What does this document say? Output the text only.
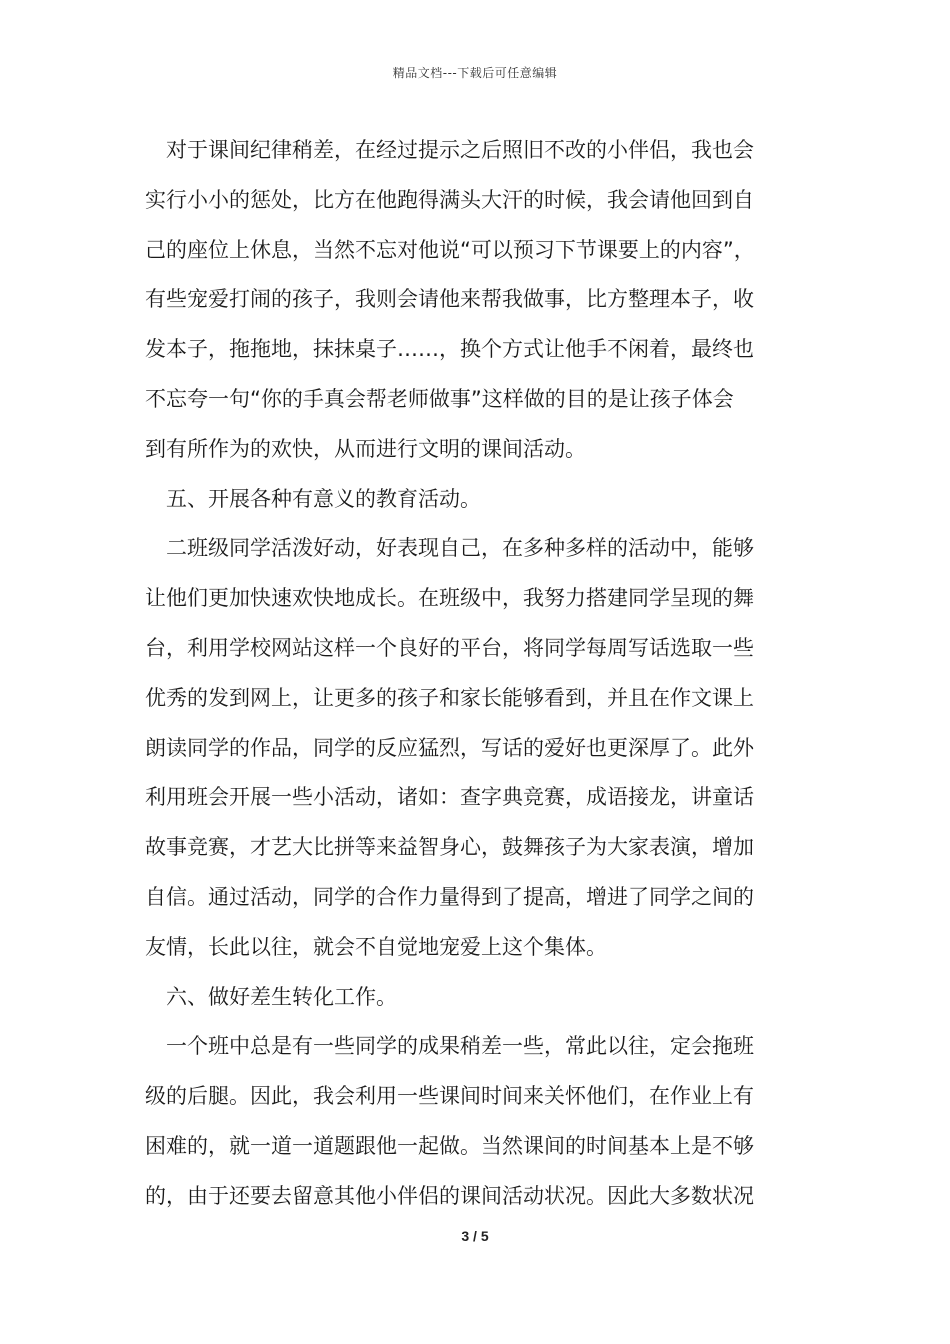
精品文档---下载后可任意编辑
对于课间纪律稍差，在经过提示之后照旧不改的小伴侣，我也会
实行小小的惩处，比方在他跑得满头大汗的时候，我会请他回到自
己的座位上休息，当然不忘对他说“可以预习下节课要上的内容”，
有些宠爱打闹的孩子，我则会请他来帮我做事，比方整理本子，收
发本子，拖拖地，抹抹桌子……，换个方式让他手不闲着，最终也
不忘夸一句“你的手真会帮老师做事”这样做的目的是让孩子体会
到有所作为的欢快，从而进行文明的课间活动。
五、开展各种有意义的教育活动。
二班级同学活泼好动，好表现自己，在多种多样的活动中，能够
让他们更加快速欢快地成长。在班级中，我努力搭建同学呈现的舞
台，利用学校网站这样一个良好的平台，将同学每周写话选取一些
优秀的发到网上，让更多的孩子和家长能够看到，并且在作文课上
朗读同学的作品，同学的反应猛烈，写话的爱好也更深厚了。此外
利用班会开展一些小活动，诸如：查字典竞赛，成语接龙，讲童话
故事竞赛，才艺大比拼等来益智身心，鼓舞孩子为大家表演，增加
自信。通过活动，同学的合作力量得到了提高，增进了同学之间的
友情，长此以往，就会不自觉地宠爱上这个集体。
六、做好差生转化工作。
一个班中总是有一些同学的成果稍差一些，常此以往，定会拖班
级的后腿。因此，我会利用一些课间时间来关怀他们，在作业上有
困难的，就一道一道题跟他一起做。当然课间的时间基本上是不够
的，由于还要去留意其他小伴侣的课间活动状况。因此大多数状况
3 / 5
